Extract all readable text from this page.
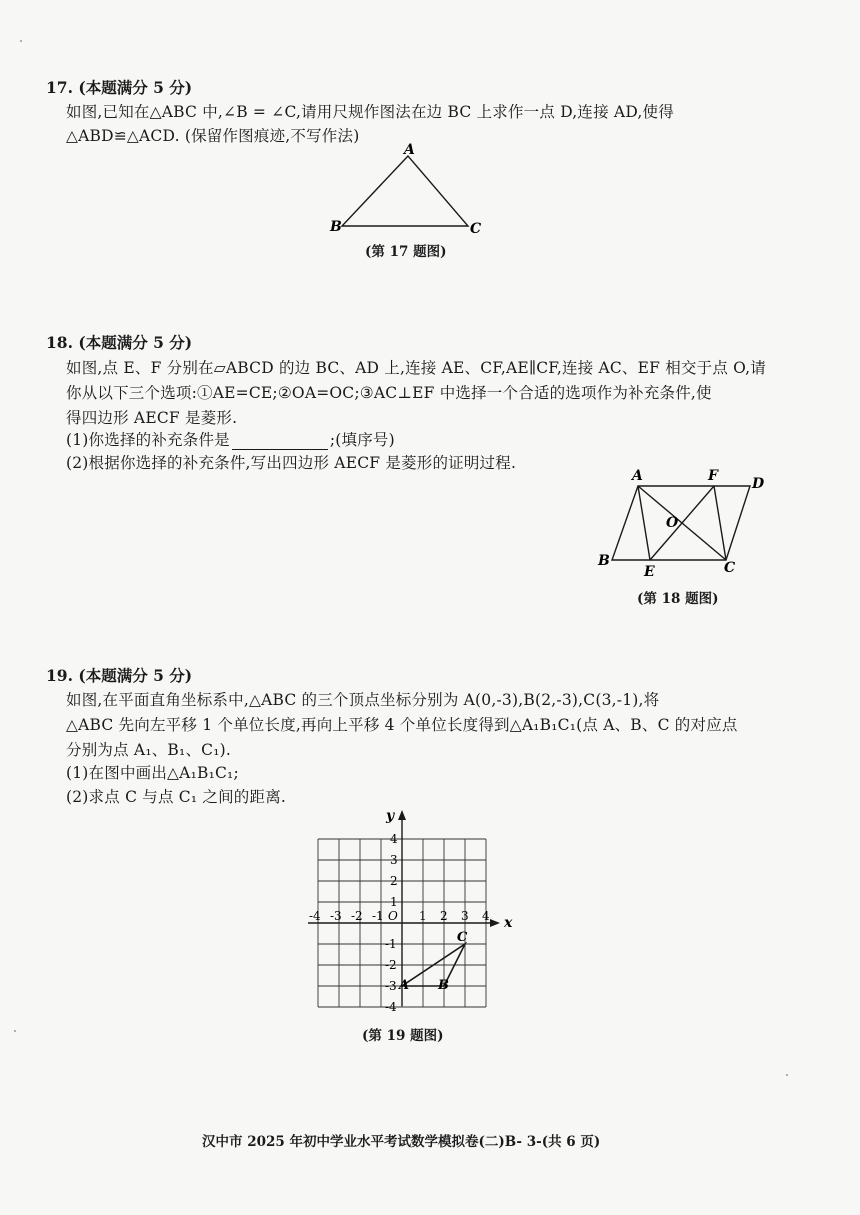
17. (本题满分 5 分)
如图,已知在△ABC 中,∠B = ∠C,请用尺规作图法在边 BC 上求作一点 D,连接 AD,使得
△ABD≌△ACD. (保留作图痕迹,不写作法)
A
B	C
(第 17 题图)
18. (本题满分 5 分)
如图,点 E、F 分别在▱ABCD 的边 BC、AD 上,连接 AE、CF,AE∥CF,连接 AC、EF 相交于点 O,请
你从以下三个选项:①AE=CE;②OA=OC;③AC⊥EF 中选择一个合适的选项作为补充条件,使
得四边形 AECF 是菱形.
(1)你选择的补充条件是	;(填序号)
(2)根据你选择的补充条件,写出四边形 AECF 是菱形的证明过程.
A	F D
O
B
E	C
(第 18 题图)
19. (本题满分 5 分)
如图,在平面直角坐标系中,△ABC 的三个顶点坐标分别为 A(0,-3),B(2,-3),C(3,-1),将
△ABC 先向左平移 1 个单位长度,再向上平移 4 个单位长度得到△A₁B₁C₁(点 A、B、C 的对应点
分别为点 A₁、B₁、C₁).
(1)在图中画出△A₁B₁C₁;
(2)求点 C 与点 C₁ 之间的距离.
x
y
O
-4 -3 -2 -1	1 2 3 4
4
3
2
1
-1
-2
-3
-4
A B
C
(第 19 题图)
汉中市 2025 年初中学业水平考试数学模拟卷(二)B- 3-(共 6 页)
